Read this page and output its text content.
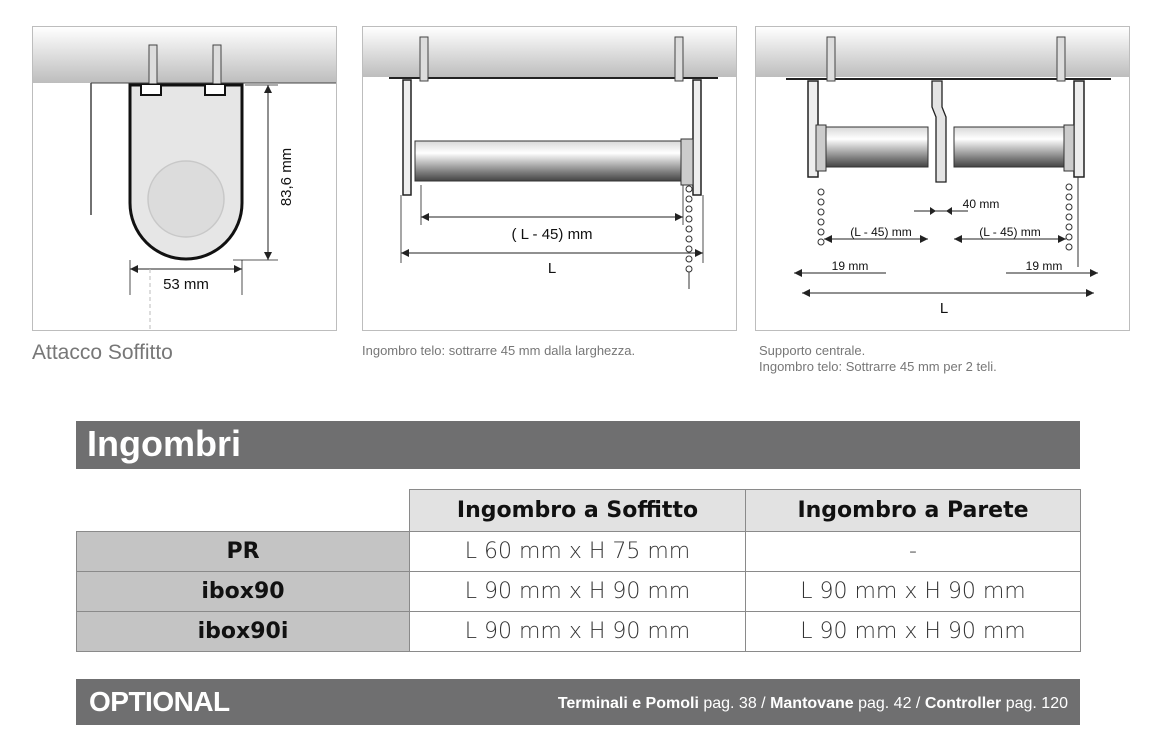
83,6 mm
53 mm
Attacco Soffitto
( L - 45) mm
L
Ingombro telo: sottrarre 45 mm dalla larghezza.
40 mm
(L - 45) mm	(L - 45) mm
19 mm	19 mm
L
Supporto centrale.
Ingombro telo: Sottrarre 45 mm per 2 teli.
Ingombri
	Ingombro a Soffitto	Ingombro a Parete
PR	L 60 mm x H 75 mm	-
ibox90	L 90 mm x H 90 mm	L 90 mm x H 90 mm
ibox90i	L 90 mm x H 90 mm	L 90 mm x H 90 mm
OPTIONAL	Terminali e Pomoli pag. 38 / Mantovane pag. 42 / Controller pag. 120
